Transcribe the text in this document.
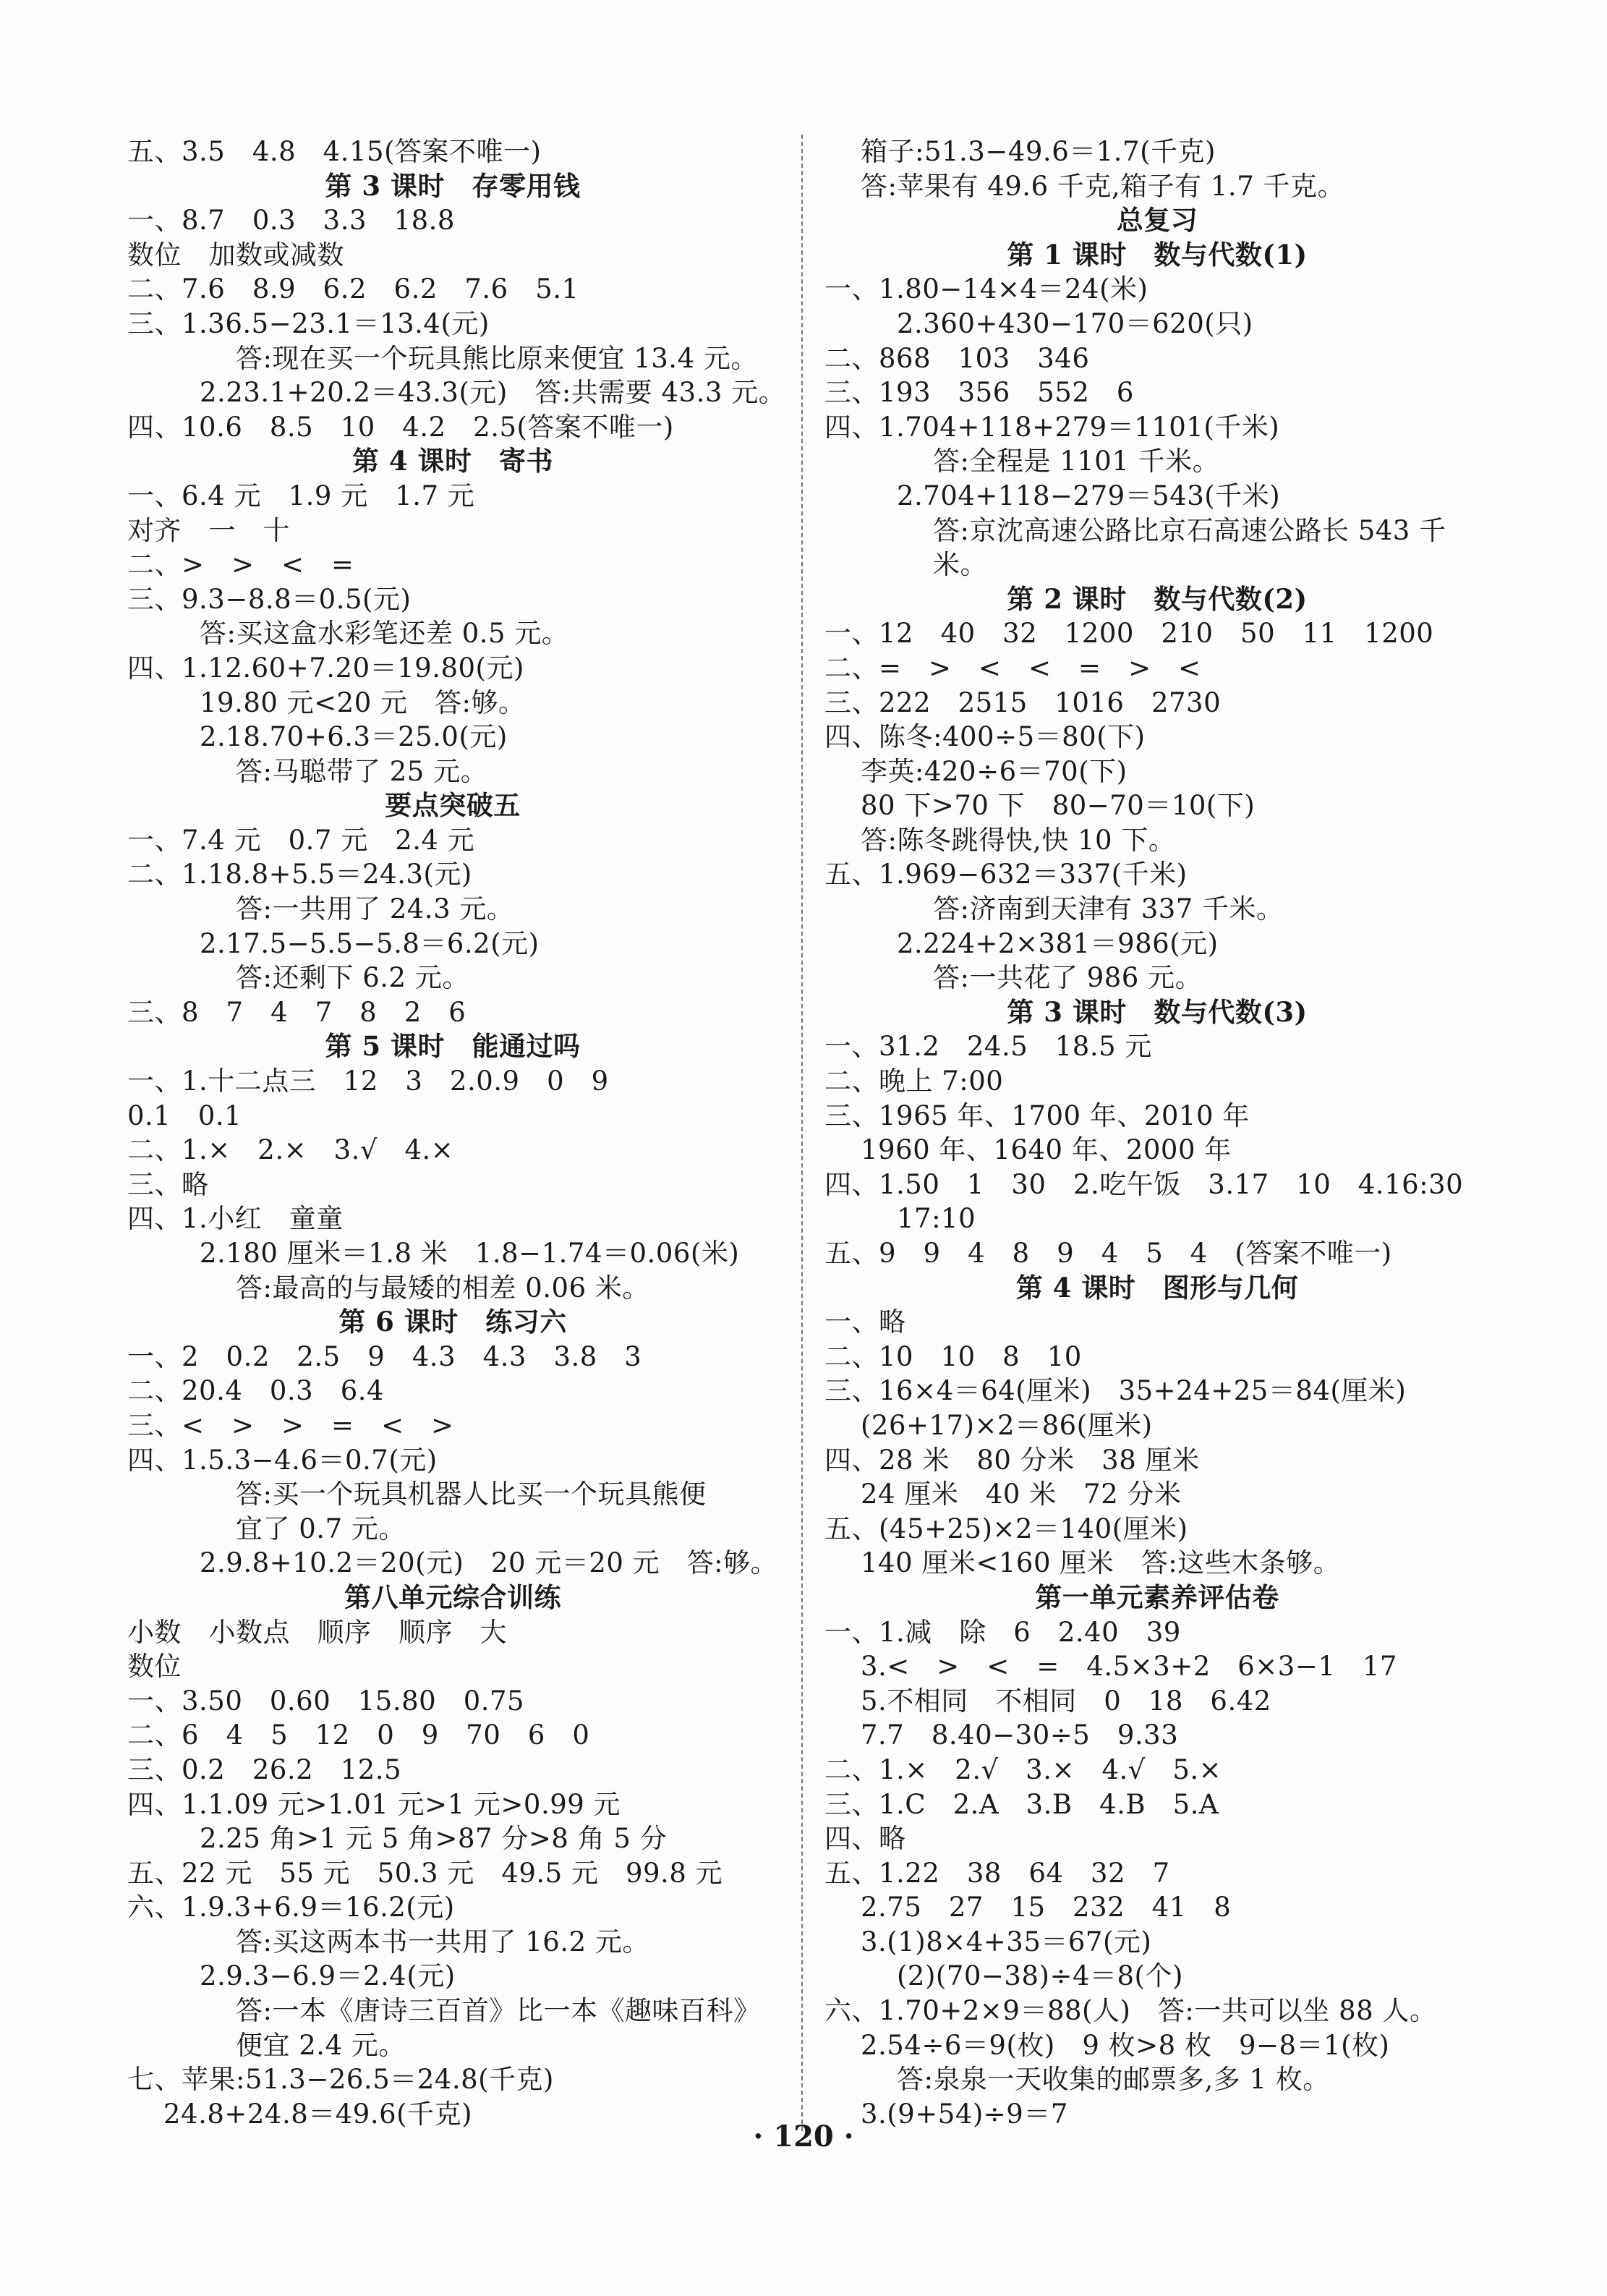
五、3.5　4.8　4.15(答案不唯一)
第 3 课时　存零用钱
一、8.7　0.3　3.3　18.8
数位　加数或减数
二、7.6　8.9　6.2　6.2　7.6　5.1
三、1.36.5−23.1＝13.4(元)
答:现在买一个玩具熊比原来便宜 13.4 元。
2.23.1+20.2＝43.3(元)　答:共需要 43.3 元。
四、10.6　8.5　10　4.2　2.5(答案不唯一)
第 4 课时　寄书
一、6.4 元　1.9 元　1.7 元
对齐　一　十
二、>　>　<　=
三、9.3−8.8＝0.5(元)
答:买这盒水彩笔还差 0.5 元。
四、1.12.60+7.20＝19.80(元)
19.80 元<20 元　答:够。
2.18.70+6.3＝25.0(元)
答:马聪带了 25 元。
要点突破五
一、7.4 元　0.7 元　2.4 元
二、1.18.8+5.5＝24.3(元)
答:一共用了 24.3 元。
2.17.5−5.5−5.8＝6.2(元)
答:还剩下 6.2 元。
三、8　7　4　7　8　2　6
第 5 课时　能通过吗
一、1.十二点三　12　3　2.0.9　0　9
0.1　0.1
二、1.×　2.×　3.√　4.×
三、略
四、1.小红　童童
2.180 厘米＝1.8 米　1.8−1.74＝0.06(米)
答:最高的与最矮的相差 0.06 米。
第 6 课时　练习六
一、2　0.2　2.5　9　4.3　4.3　3.8　3
二、20.4　0.3　6.4
三、<　>　>　=　<　>
四、1.5.3−4.6＝0.7(元)
答:买一个玩具机器人比买一个玩具熊便
宜了 0.7 元。
2.9.8+10.2＝20(元)　20 元＝20 元　答:够。
第八单元综合训练
小数　小数点　顺序　顺序　大
数位
一、3.50　0.60　15.80　0.75
二、6　4　5　12　0　9　70　6　0
三、0.2　26.2　12.5
四、1.1.09 元>1.01 元>1 元>0.99 元
2.25 角>1 元 5 角>87 分>8 角 5 分
五、22 元　55 元　50.3 元　49.5 元　99.8 元
六、1.9.3+6.9＝16.2(元)
答:买这两本书一共用了 16.2 元。
2.9.3−6.9＝2.4(元)
答:一本《唐诗三百首》比一本《趣味百科》
便宜 2.4 元。
七、苹果:51.3−26.5＝24.8(千克)
24.8+24.8＝49.6(千克)
箱子:51.3−49.6＝1.7(千克)
答:苹果有 49.6 千克,箱子有 1.7 千克。
总复习
第 1 课时　数与代数(1)
一、1.80−14×4＝24(米)
2.360+430−170＝620(只)
二、868　103　346
三、193　356　552　6
四、1.704+118+279＝1101(千米)
答:全程是 1101 千米。
2.704+118−279＝543(千米)
答:京沈高速公路比京石高速公路长 543 千
米。
第 2 课时　数与代数(2)
一、12　40　32　1200　210　50　11　1200
二、=　>　<　<　=　>　<
三、222　2515　1016　2730
四、陈冬:400÷5＝80(下)
李英:420÷6＝70(下)
80 下>70 下　80−70＝10(下)
答:陈冬跳得快,快 10 下。
五、1.969−632＝337(千米)
答:济南到天津有 337 千米。
2.224+2×381＝986(元)
答:一共花了 986 元。
第 3 课时　数与代数(3)
一、31.2　24.5　18.5 元
二、晚上 7:00
三、1965 年、1700 年、2010 年
1960 年、1640 年、2000 年
四、1.50　1　30　2.吃午饭　3.17　10　4.16:30
17:10
五、9　9　4　8　9　4　5　4　(答案不唯一)
第 4 课时　图形与几何
一、略
二、10　10　8　10
三、16×4＝64(厘米)　35+24+25＝84(厘米)
(26+17)×2＝86(厘米)
四、28 米　80 分米　38 厘米
24 厘米　40 米　72 分米
五、(45+25)×2＝140(厘米)
140 厘米<160 厘米　答:这些木条够。
第一单元素养评估卷
一、1.减　除　6　2.40　39
3.<　>　<　=　4.5×3+2　6×3−1　17
5.不相同　不相同　0　18　6.42
7.7　8.40−30÷5　9.33
二、1.×　2.√　3.×　4.√　5.×
三、1.C　2.A　3.B　4.B　5.A
四、略
五、1.22　38　64　32　7
2.75　27　15　232　41　8
3.(1)8×4+35＝67(元)
(2)(70−38)÷4＝8(个)
六、1.70+2×9＝88(人)　答:一共可以坐 88 人。
2.54÷6＝9(枚)　9 枚>8 枚　9−8＝1(枚)
答:泉泉一天收集的邮票多,多 1 枚。
3.(9+54)÷9＝7
· 120 ·
